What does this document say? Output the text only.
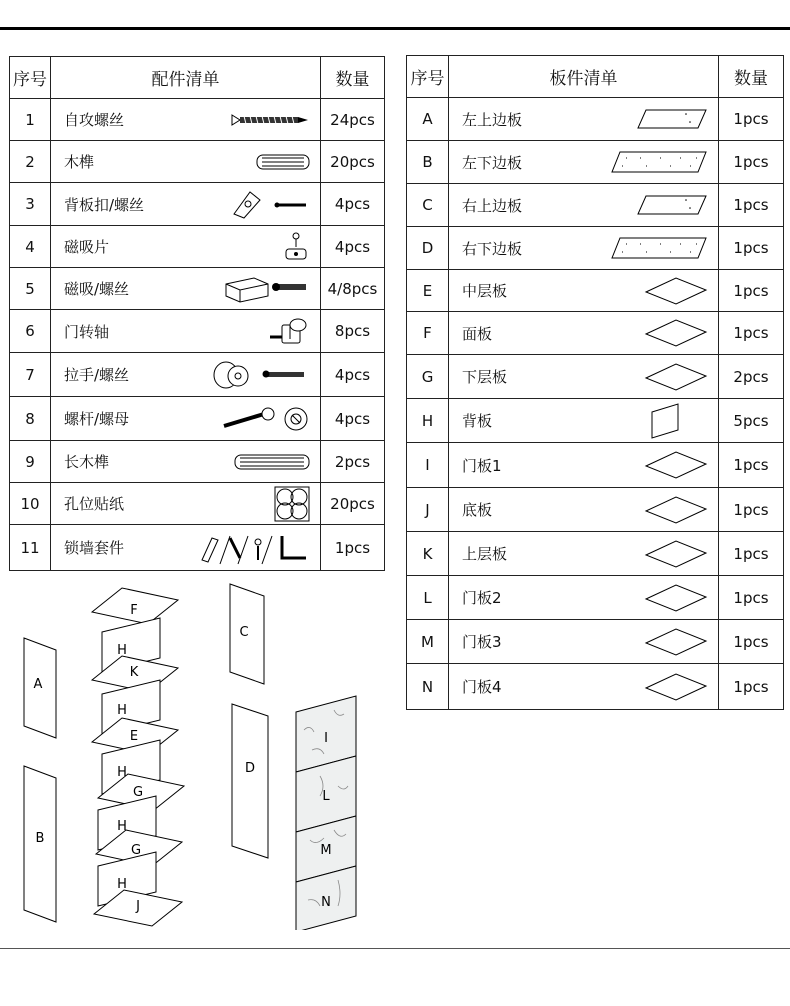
序号	配件清单	数量
1	自攻螺丝	24pcs
2	木榫	20pcs
3	背板扣/螺丝	4pcs
4	磁吸片	4pcs
5	磁吸/螺丝	4/8pcs
6	门转轴	8pcs
7	拉手/螺丝	4pcs
8	螺杆/螺母	4pcs
9	长木榫	2pcs
10	孔位贴纸	20pcs
11	锁墙套件	1pcs
序号	板件清单	数量
A	左上边板	1pcs
B	左下边板	1pcs
C	右上边板	1pcs
D	右下边板	1pcs
E	中层板	1pcs
F	面板	1pcs
G	下层板	2pcs
H	背板	5pcs
I	门板1	1pcs
J	底板	1pcs
K	上层板	1pcs
L	门板2	1pcs
M	门板3	1pcs
N	门板4	1pcs
A
B
C
D
F
H
K
H
E
H
G
H
G
H
J
I
L
M
N
